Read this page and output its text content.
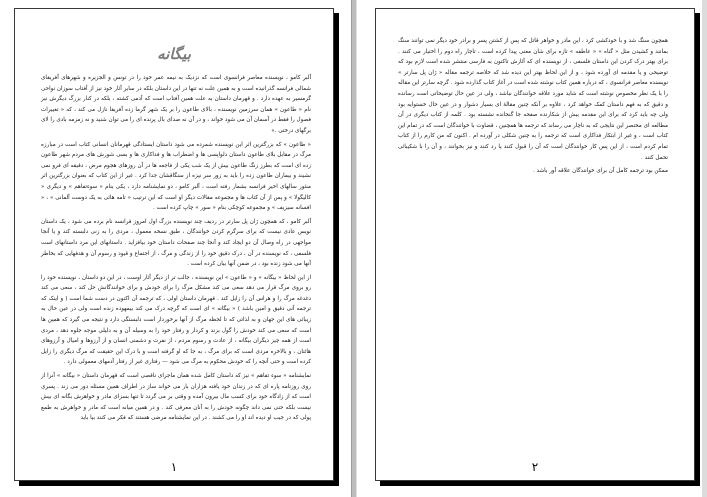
بیگانه

آلبر کامو ، نویسنده معاصر فرانسوی است که نزدیک به نیمه عمر خود را در تونس و الجزیره و شهرهای آفریقای شمالی فرانسه گذرانیده است و به همین علت نه تنها در این داستان بلکه در سایر آثار خود نیز از آفتاب سوزان نواحی گرمسیر به عهده دارد . و قهرمان داستان به علت همین آفتاب است که آدمی کشته ، بلکه در کنار بزرگ دیگرش نیز نام « طاعون » همان سرزمین نویسنده ، بالای طاعون را بر یک شهر گرما زده آفریقا نازل می کند ، که « تغییرات فصول را فقط در آسمان آن می شود خواند ، و در آن نه صدای بال پرنده ای را می توان شنید و نه زمزمه بادی را لای برگهای درختی .»

« طاعون » که بزرگترین اثر این نویسنده شمرده می شود داستان ایستادگی قهرمانان انسانی کتاب است در مبارزه مرگ در مقابل بلای طاعون داستان دلواپسی ها و اضطراب ها و فداکاری ها و بسی شورش های مردم شهر طاعون زده ای است که بطرز زنگ طاعون بیش از یک شب یکی از فاجعه ها در آن روزهای هجوم مرض ، دقیقه ای فرو نمی نشیند و بیماران طاعون زده را باید به زور سر نیزه از سنگاقشان جدا کرد . غیر از این کتاب که بعنوان بزرگترین اثر منثور سالهای اخیر فرانسه بشمار رفته است ، آلبر کامو ، دو نمایشنامه دارد ، یکی بنام « سوءتفاهم » و دیگری « کالیگولا » و پس از آن کتاب ها و مجموعه مقالات دیگر او است که این ترتیب « تامه هائی به یک دوست آلمانی » ، « افسانه سیزیف » و مجموعه کوچکی بنام « سور » چاپ کرده است .

آلبر کامو ، که همچون ژان پل سارتر در ردیف چند نویسنده بزرگ اول امروز فرانسه نام برده می شود ، یک داستان نویس عادی نیست که برای سرگرم کردن خوانندگان ، طبق نسخه معمول ، مردی را به زنی دلبسته کند و یا آنجا مواجهی در راه وصال آن دو ایجاد کند و آنجا چند صفحات داستان خود بیافزاید . داستانهای این مرد داستانهای است فلسفی ، که نویسنده در آن ، درک دقیق خود را از زندگی و مرگ ، از اجتماع و قیود و رسوم آن و هدفهایی که بخاطر آنها می شود زنده بود ، در ضمن آنها بیان کرده است .

از این لحاظ « بیگانه » و « طاعون » این نویسنده ، جالب تر از دیگر آثار اوست ، در این دو داستان ، نویسنده خود را رو بروی مرگ قرار می دهد سعی می کند مشکل مرگ را برای خودش و برای خوانندگانش حل کند ، سعی می کند دغدغه مرگ را و هراس آن را زایل کند . قهرمان داستان اولی ، که ترجمه آن اکنون در دست شما است ( و اینک که ترجمه آنی دقیق و امین باشد ) « بیگانه » ای است که گرچه درک می کند بیمهوده زنده است ولی در عین حال به زیبائی های این جهان و به لذاتی که تا لحظه مرگ از آنها برخوردار است دلبستگی دارد و نتیجه می گیرد که همین ها است که سعی می کند خودش را گول بزند و کردار و رفتار خود را به وسیله آن و به دلیلی موجه جلوه دهد ، مردی است از همه چیز دیگران بیگانه ، از عادت و رسوم مردم ، از نفرت و دشمنی انسان و از آرزوها و امیال و آرزوهای هائتان ، و بالاخره مردی است که برای مرگ ، به جا که او گرفته است و با درک این حقیقت که مرگ دیگری را زایل کرده است و حتی آنچه را که خودش محکوم به مرگ می شود — رفتاری غیر از رفتار آدمهای معمولی دارد .

نمایشنامه « سوء تفاهم » نیز که داستان کامل شده همان ماجرای ناقصی است که قهرمان داستان « بیگانه » آنرا از روی روزنامه پاره ای که در زندان خود یافته هزاران بار می خواند ساز در اطراف همین مسئله دور می زند . پسری است که از زادگاه خود برای کسب مال بیرون آمده و وقتی بر می گردد تا تنها بسزای مادر و خواهرش بگانه ای بیش نیست بلکه حتی نمی داند چگونه خودش را به آنان معرفی کند . و در همین میانه است که مادر و خواهرش به طمع پولی که در جیب او دیده اند او را می کشند . در این نمایشنامه مرضی هستند که فکر می کنند بیا باید

۱

همچون سنگ شد و با خودکشی کرد ، این مادر و خواهر قاتل که پس از کشتن پسر و برادر خود دیگر نمی توانند سنگ بمانند و کشیدن مثل « گناه » « عاطفه » تازه برای شان معنی پیدا کرده است ، تاچار راه دوم را اختیار می کنند . برای بهتر درک کردن این داستان فلسفی ، از نویسنده ای که آثارش تاکنون به فارسی منتشر شده است لازم بود که توضیحی و یا مقدمه ای آورده شود ، و از این لحاظ بهتر این دیده شد که خلاصه ترجمه مقاله « ژان پل سارتر » نویسنده معاصر فرانسوی ، که درباره همین کتاب نوشته شده است در آغاز کتاب گذارده شود . گرچه سارتر این مقاله را با یک نظر مخصوص نوشته است که شاید مورد علاقه خوانندگان نباشد ، ولی در عین حال توضیحاتی است رسانده و دقیق که به فهم داستان کمک خواهد کرد ، علاوه بر آنکه چنین مقالهٔ ای بسیار دشوار و در عین حال خستوایه بود ولی چه باید کرد که برای این مقدمه بیش از شکارنده صفحه جا گنجانده نشسته بود . کلمه از کتاب دیگری در آن مطالعه ای مختصر این نتایجی که به ناچار می رساند که ترجمه ها همچنین ، قضاوت با خوانندگان است که در تمام این کتاب است ، و غیر از ابتکار فداکاری است که ترجمه را به چنین شکلی در آورده ام . اکنون که من کارم را از کتاب تمام کردم است ، از این پس کار خوانندگان است که آن را قبول کنند یا رد کنند و نیز بخوانند ، و آن را با شکیبائی تحمل کنند .

ممکن بود ترجمه کامل آن برای خوانندگان علاقه آور باشد .

۲
